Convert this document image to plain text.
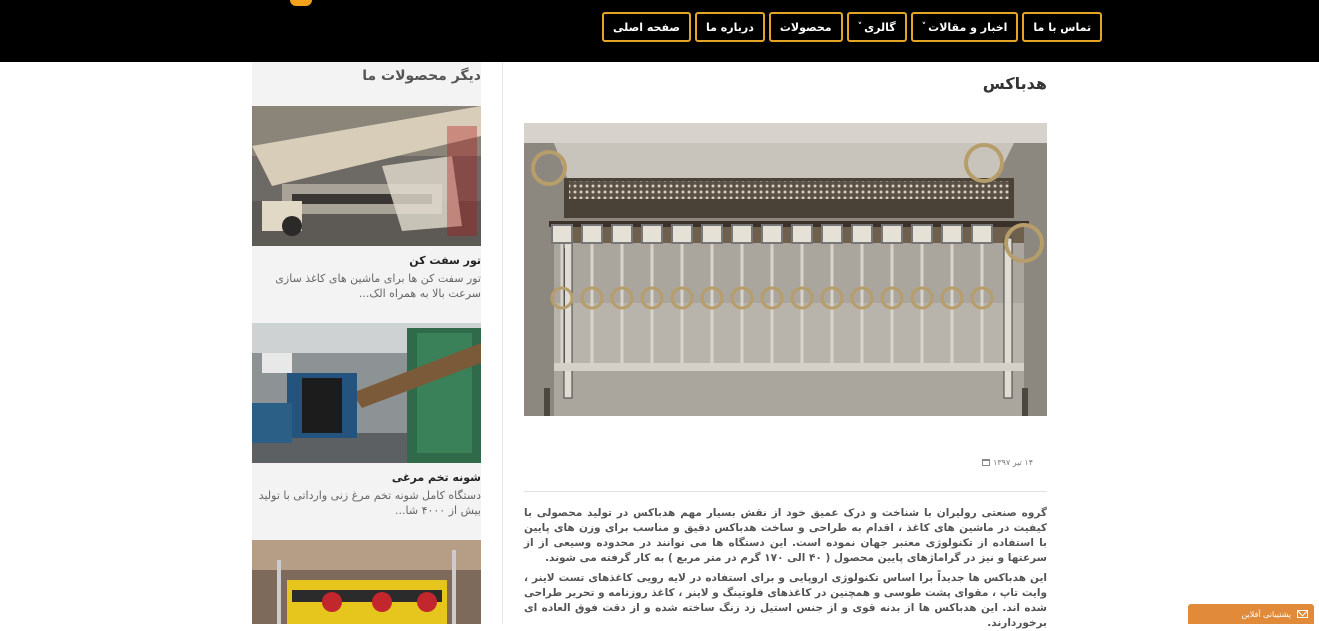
صفحه اصلی درباره ما محصولات	گالری
˅	اخبار و مقالات
˅	تماس با ما
دیگر محصولات ما
تور سفت کن
تور سفت کن ها برای ماشین های کاغذ سازی سرعت بالا به همراه الک...
شونه تخم مرغی
دستگاه کامل شونه تخم مرغ زنی وارداتی با تولید بیش از ۴۰۰۰ شا...
هدباکس
۱۴ تیر ۱۳۹۷

گروه صنعتی رولیران با شناخت و درک عمیق خود از نقش بسیار مهم هدباکس در تولید محصولی با کیفیت در ماشین های کاغذ ، اقدام به طراحی و ساخت هدباکس دقیق و مناسب برای وزن های پایین با استفاده از تکنولوژی معتبر جهان نموده است. این دستگاه ها می توانند در محدوده وسیعی از از سرعتها و نیز در گراماژهای پایین محصول ( ۴۰ الی ۱۷۰ گرم در متر مربع ) به کار گرفته می شوند.

این هدباکس ها جدیداً برا اساس تکنولوژی اروپایی و برای استفاده در لایه رویی کاغذهای تست لاینر ، وایت تاپ ، مقوای پشت طوسی و همچنین در کاغذهای فلوتینگ و لاینر ، کاغذ روزنامه و تحریر طراحی شده اند. این هدباکس ها از بدنه قوی و از جنس استیل زد زنگ ساخته شده و از دقت فوق العاده ای برخوردارند.

پشتیبانی آفلاین
